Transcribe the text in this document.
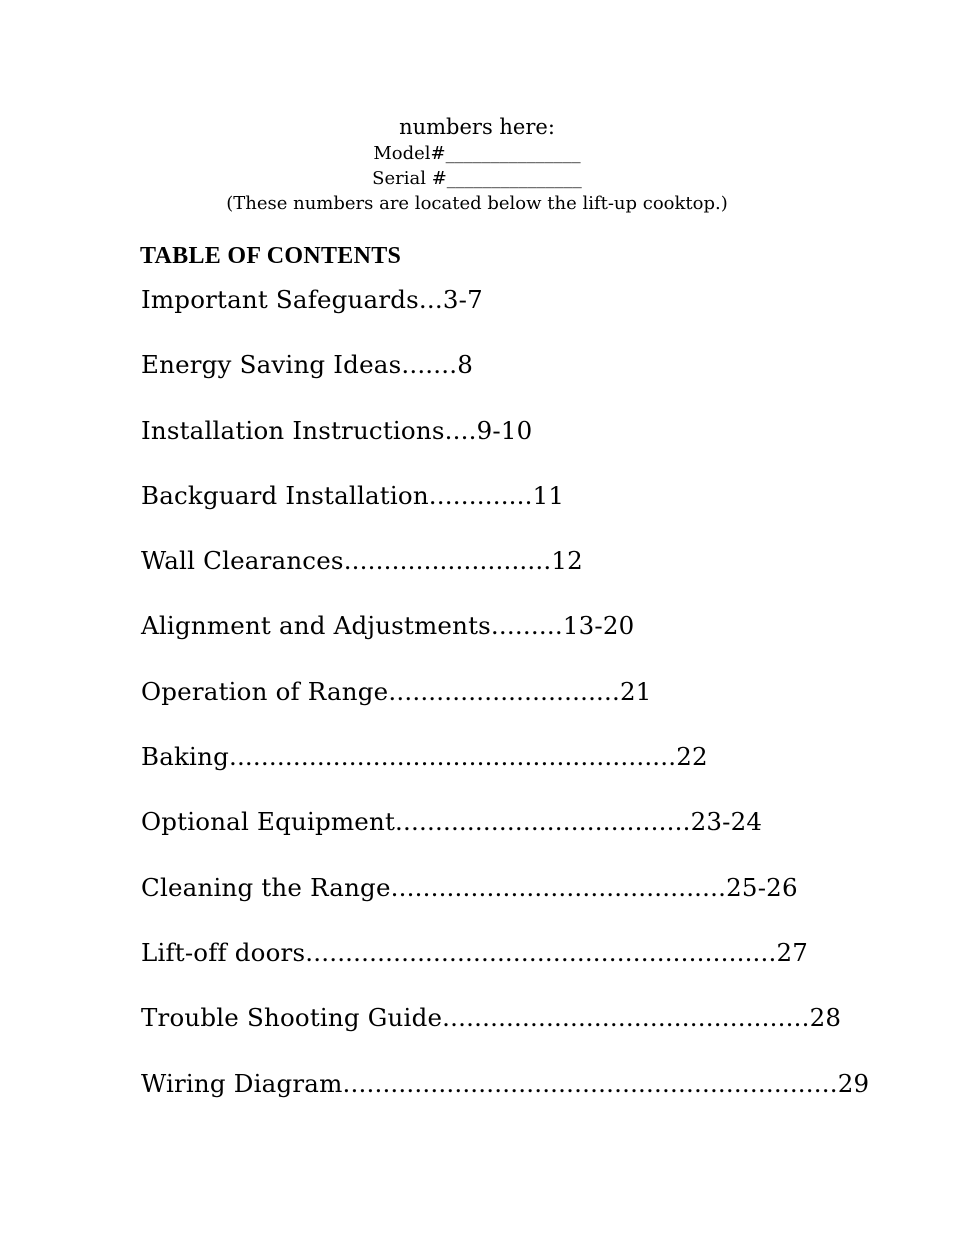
numbers here:
Model#_______________
Serial #_______________
(These numbers are located below the lift-up cooktop.)
TABLE OF CONTENTS
Important Safeguards...3-7
Energy Saving Ideas.......8
Installation Instructions....9-10
Backguard Installation.............11
Wall Clearances..........................12
Alignment and Adjustments.........13-20
Operation of Range.............................21
Baking........................................................22
Optional Equipment.....................................23-24
Cleaning the Range..........................................25-26
Lift-off doors...........................................................27
Trouble Shooting Guide..............................................28
Wiring Diagram..............................................................29
